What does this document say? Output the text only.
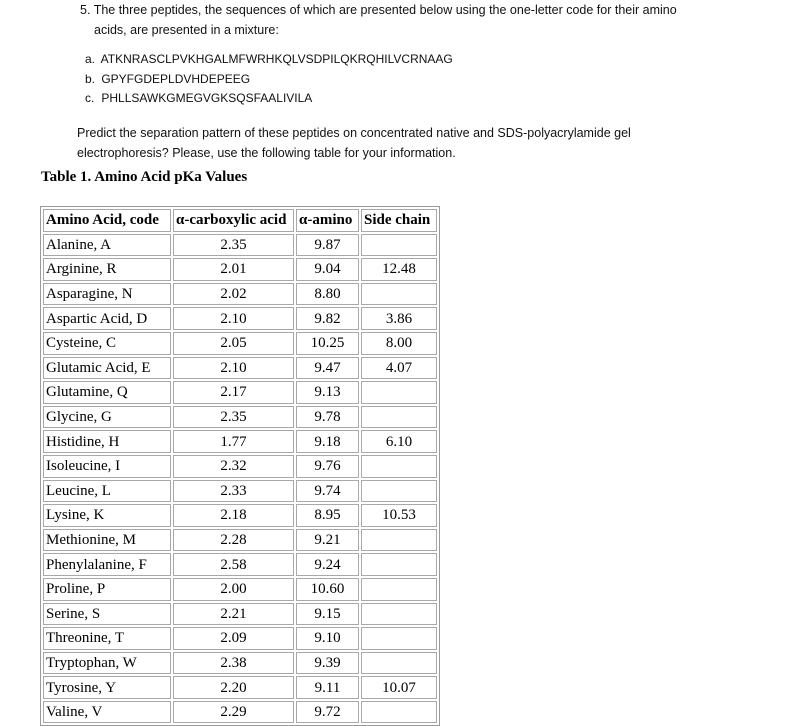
5. The three peptides, the sequences of which are presented below using the one-letter code for their amino
acids, are presented in a mixture:

a. ATKNRASCLPVKHGALMFWRHKQLVSDPILQKRQHILVCRNAAG
b. GPYFGDEPLDVHDEPEEG
c. PHLLSAWKGMEGVGKSQSFAALIVILA

Predict the separation pattern of these peptides on concentrated native and SDS-polyacrylamide gel
electrophoresis? Please, use the following table for your information.

Table 1. Amino Acid pKa Values
Amino Acid, code	α-carboxylic acid	α-amino	Side chain
Alanine, A	2.35	9.87	
Arginine, R	2.01	9.04	12.48
Asparagine, N	2.02	8.80	
Aspartic Acid, D	2.10	9.82	3.86
Cysteine, C	2.05	10.25	8.00
Glutamic Acid, E	2.10	9.47	4.07
Glutamine, Q	2.17	9.13	
Glycine, G	2.35	9.78	
Histidine, H	1.77	9.18	6.10
Isoleucine, I	2.32	9.76	
Leucine, L	2.33	9.74	
Lysine, K	2.18	8.95	10.53
Methionine, M	2.28	9.21	
Phenylalanine, F	2.58	9.24	
Proline, P	2.00	10.60	
Serine, S	2.21	9.15	
Threonine, T	2.09	9.10	
Tryptophan, W	2.38	9.39	
Tyrosine, Y	2.20	9.11	10.07
Valine, V	2.29	9.72	
